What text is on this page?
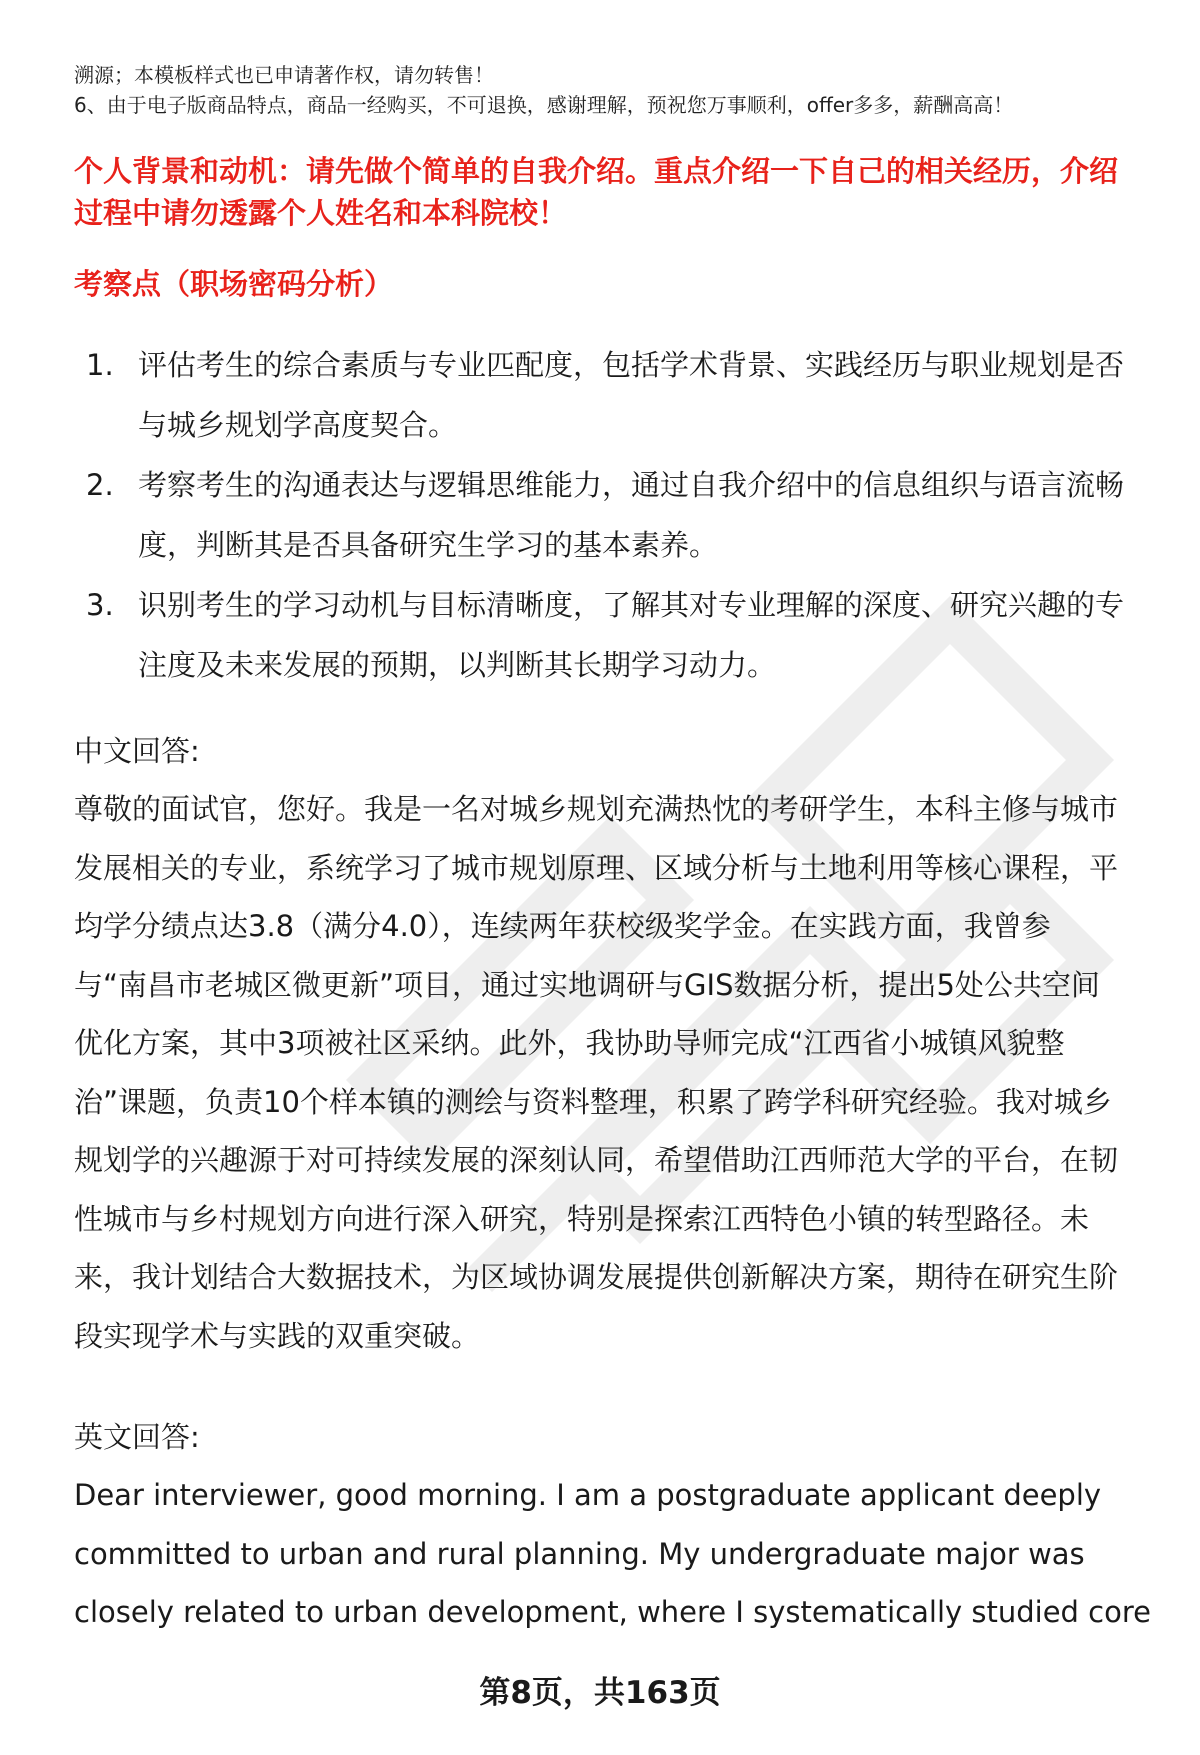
溯源；本模板样式也已申请著作权，请勿转售！

6、由于电子版商品特点，商品一经购买，不可退换，感谢理解，预祝您万事顺利，offer多多，薪酬高高！

个人背景和动机：请先做个简单的自我介绍。重点介绍一下自己的相关经历，介绍

过程中请勿透露个人姓名和本科院校！

考察点（职场密码分析）
1. 评估考生的综合素质与专业匹配度，包括学术背景、实践经历与职业规划是否
与城乡规划学高度契合。
2. 考察考生的沟通表达与逻辑思维能力，通过自我介绍中的信息组织与语言流畅
度，判断其是否具备研究生学习的基本素养。
3. 识别考生的学习动机与目标清晰度，了解其对专业理解的深度、研究兴趣的专
注度及未来发展的预期，以判断其长期学习动力。

中文回答:

尊敬的面试官，您好。我是一名对城乡规划充满热忱的考研学生，本科主修与城市

发展相关的专业，系统学习了城市规划原理、区域分析与土地利用等核心课程，平

均学分绩点达3.8（满分4.0），连续两年获校级奖学金。在实践方面，我曾参

与“南昌市老城区微更新”项目，通过实地调研与GIS数据分析，提出5处公共空间

优化方案，其中3项被社区采纳。此外，我协助导师完成“江西省小城镇风貌整

治”课题，负责10个样本镇的测绘与资料整理，积累了跨学科研究经验。我对城乡

规划学的兴趣源于对可持续发展的深刻认同，希望借助江西师范大学的平台，在韧

性城市与乡村规划方向进行深入研究，特别是探索江西特色小镇的转型路径。未

来，我计划结合大数据技术，为区域协调发展提供创新解决方案，期待在研究生阶

段实现学术与实践的双重突破。

英文回答:

Dear interviewer, good morning. I am a postgraduate applicant deeply

committed to urban and rural planning. My undergraduate major was

closely related to urban development, where I systematically studied core

第8页，共163页
